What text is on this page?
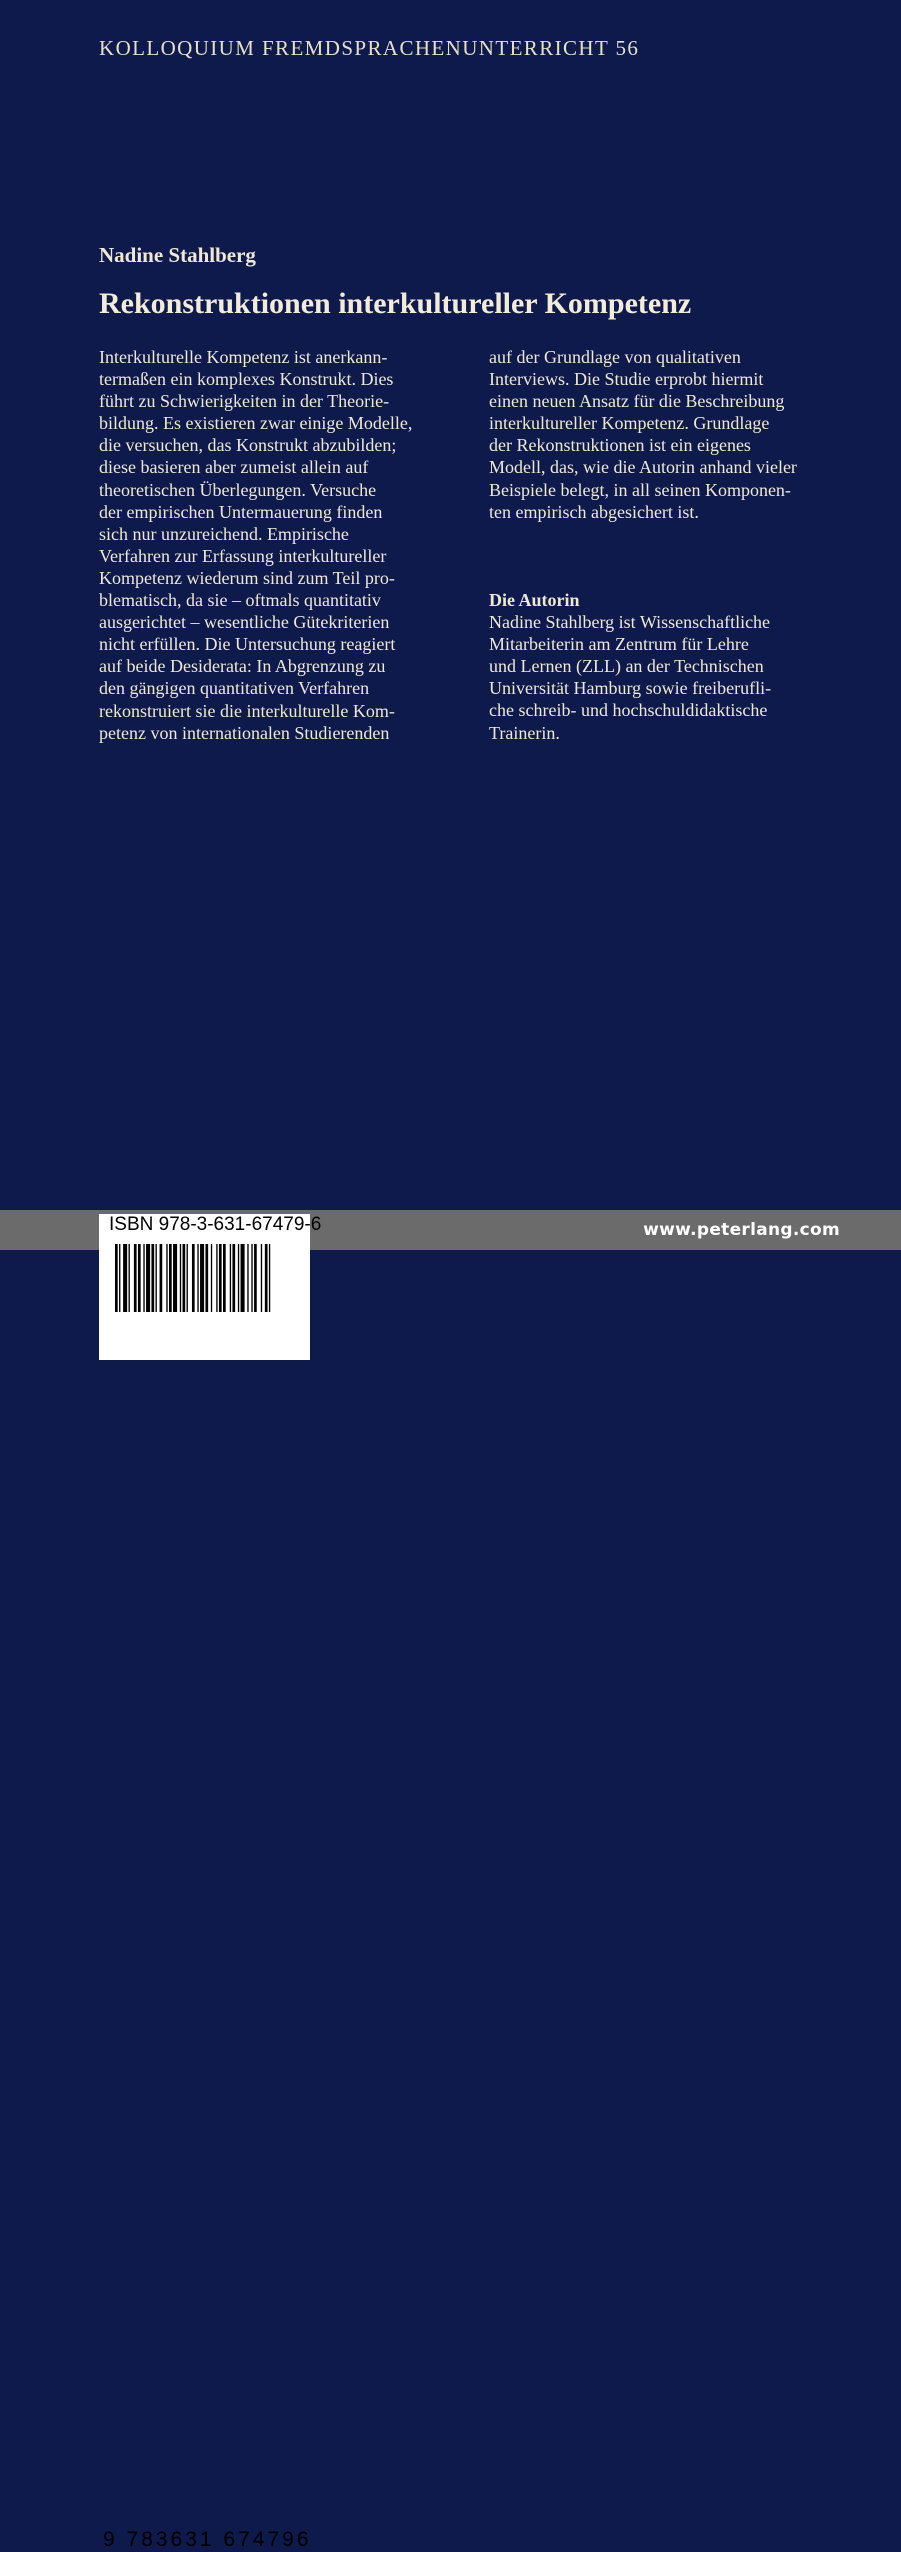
KOLLOQUIUM FREMDSPRACHENUNTERRICHT 56
Nadine Stahlberg
Rekonstruktionen interkultureller Kompetenz
Interkulturelle Kompetenz ist anerkann-
termaßen ein komplexes Konstrukt. Dies
führt zu Schwierigkeiten in der Theorie-
bildung. Es existieren zwar einige Modelle,
die versuchen, das Konstrukt abzubilden;
diese basieren aber zumeist allein auf
theoretischen Überlegungen. Versuche
der empirischen Untermauerung finden
sich nur unzureichend. Empirische
Verfahren zur Erfassung interkultureller
Kompetenz wiederum sind zum Teil pro-
blematisch, da sie – oftmals quantitativ
ausgerichtet – wesentliche Gütekriterien
nicht erfüllen. Die Untersuchung reagiert
auf beide Desiderata: In Abgrenzung zu
den gängigen quantitativen Verfahren
rekonstruiert sie die interkulturelle Kom-
petenz von internationalen Studierenden
auf der Grundlage von qualitativen
Interviews. Die Studie erprobt hiermit
einen neuen Ansatz für die Beschreibung
interkultureller Kompetenz. Grundlage
der Rekonstruktionen ist ein eigenes
Modell, das, wie die Autorin anhand vieler
Beispiele belegt, in all seinen Komponen-
ten empirisch abgesichert ist.
Die Autorin
Nadine Stahlberg ist Wissenschaftliche
Mitarbeiterin am Zentrum für Lehre
und Lernen (ZLL) an der Technischen
Universität Hamburg sowie freiberufli-
che schreib- und hochschuldidaktische
Trainerin.
www.peterlang.com
ISBN 978-3-631-67479-6
9 783631 674796
